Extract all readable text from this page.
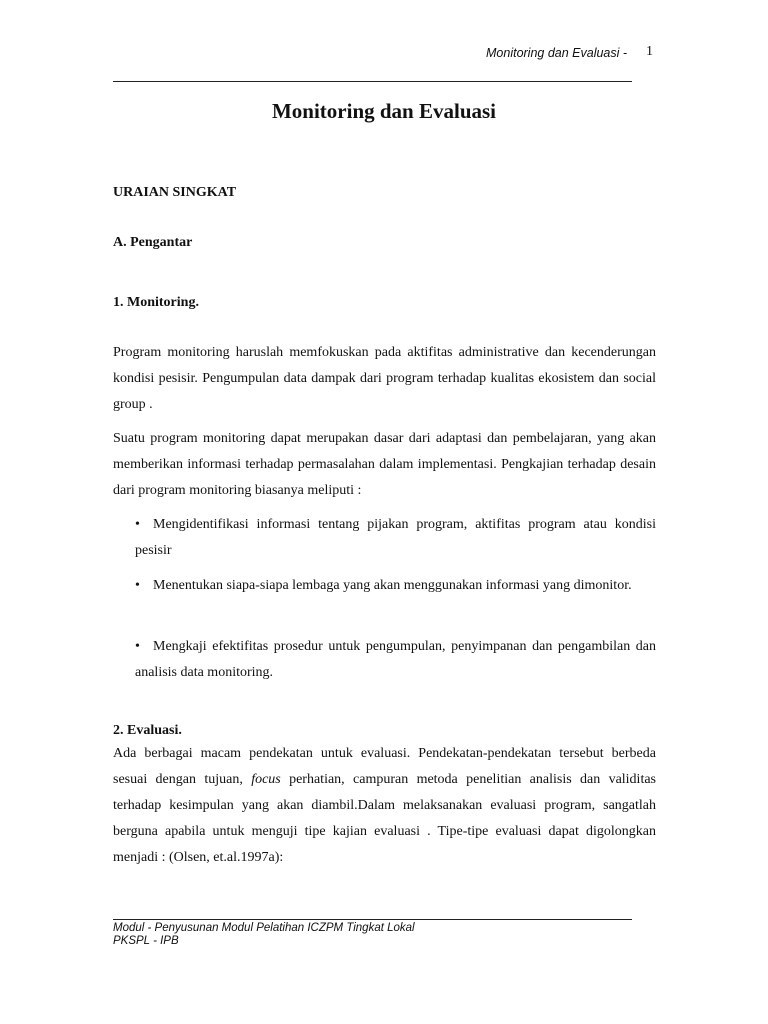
Monitoring dan Evaluasi - 1
Monitoring dan Evaluasi
URAIAN SINGKAT
A. Pengantar
1. Monitoring.

Program monitoring haruslah memfokuskan pada aktifitas administrative dan kecenderungan kondisi pesisir. Pengumpulan data dampak dari program terhadap kualitas ekosistem dan social group .

Suatu program monitoring dapat merupakan dasar dari adaptasi dan pembelajaran, yang akan memberikan informasi terhadap permasalahan dalam implementasi. Pengkajian terhadap desain dari program monitoring biasanya meliputi :

• Mengidentifikasi informasi tentang pijakan program, aktifitas program atau kondisi pesisir
• Menentukan siapa-siapa lembaga yang akan menggunakan informasi yang dimonitor.
• Mengkaji efektifitas prosedur untuk pengumpulan, penyimpanan dan pengambilan dan analisis data monitoring.
2. Evaluasi.

Ada berbagai macam pendekatan untuk evaluasi. Pendekatan-pendekatan tersebut berbeda sesuai dengan tujuan, focus perhatian, campuran metoda penelitian analisis dan validitas terhadap kesimpulan yang akan diambil.Dalam melaksanakan evaluasi program, sangatlah berguna apabila untuk menguji tipe kajian evaluasi . Tipe-tipe evaluasi dapat digolongkan menjadi : (Olsen, et.al.1997a):

Modul - Penyusunan Modul Pelatihan ICZPM Tingkat Lokal
PKSPL - IPB
